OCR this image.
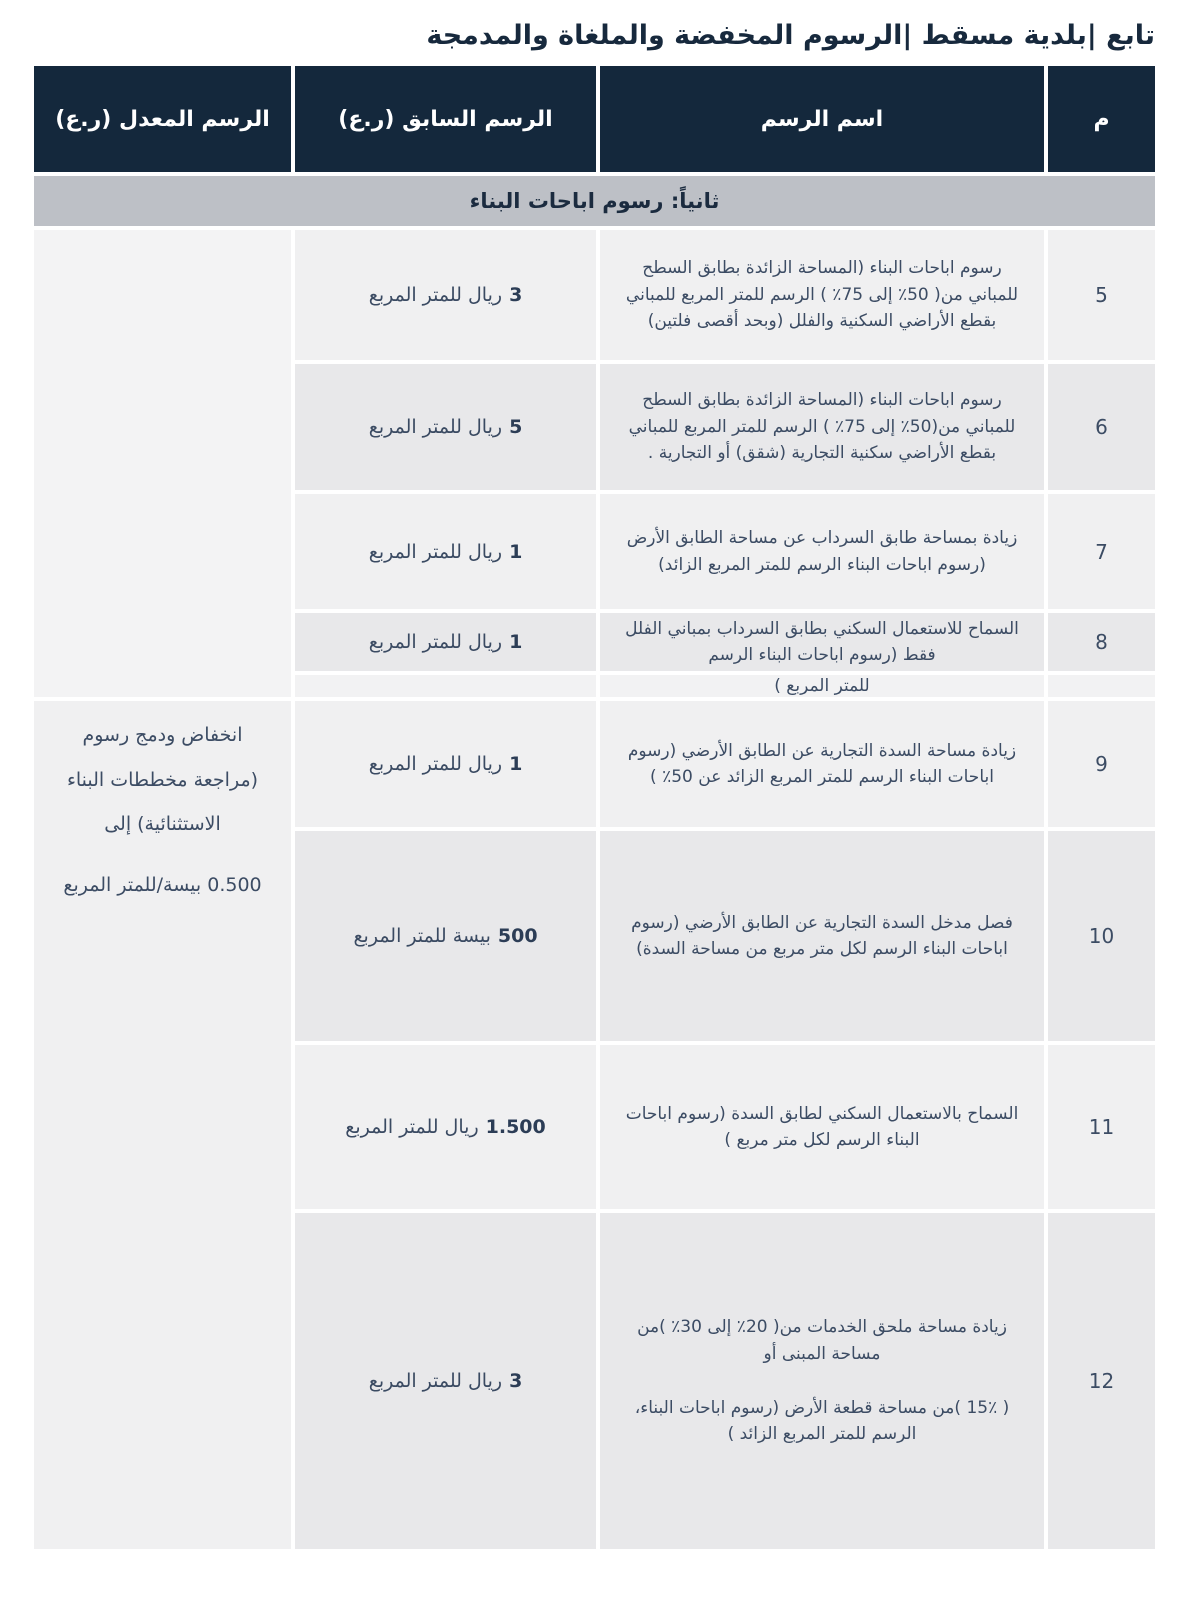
تابع |بلدية مسقط |الرسوم المخفضة والملغاة والمدمجة
م
اسم الرسم
الرسم السابق (ر.ع)
الرسم المعدل (ر.ع)
ثانياً: رسوم اباحات البناء
5
رسوم اباحات البناء (المساحة الزائدة بطابق السطح للمباني من( 50٪ إلى 75٪ ) الرسم للمتر المربع للمباني بقطع الأراضي السكنية والفلل (وبحد أقصى فلتين)
3
ريال للمتر المربع
6
رسوم اباحات البناء (المساحة الزائدة بطابق السطح للمباني من(50٪ إلى 75٪ ) الرسم للمتر المربع للمباني بقطع الأراضي سكنية التجارية (شقق) أو التجارية .
5
ريال للمتر المربع
7
زيادة بمساحة طابق السرداب عن مساحة الطابق الأرض (رسوم اباحات البناء الرسم للمتر المربع الزائد)
1
ريال للمتر المربع
8
السماح للاستعمال السكني بطابق السرداب بمباني الفلل فقط (رسوم اباحات البناء الرسم
1
ريال للمتر المربع
للمتر المربع )
9
زيادة مساحة السدة التجارية عن الطابق الأرضي (رسوم اباحات البناء الرسم للمتر المربع الزائد عن 50٪ )
1
ريال للمتر المربع
10
فصل مدخل السدة التجارية عن الطابق الأرضي (رسوم اباحات البناء الرسم لكل متر مربع من مساحة السدة)
500
بيسة للمتر المربع
11
السماح بالاستعمال السكني لطابق السدة (رسوم اباحات البناء الرسم لكل متر مربع )
1.500
ريال للمتر المربع
12
زيادة مساحة ملحق الخدمات من( 20٪ إلى 30٪ )من مساحة المبنى أو
( 15٪ )من مساحة قطعة الأرض (رسوم اباحات البناء، الرسم للمتر المربع الزائد )
3
ريال للمتر المربع
انخفاض ودمج رسوم (مراجعة مخططات البناء الاستثنائية) إلى
0.500 بيسة/للمتر المربع
